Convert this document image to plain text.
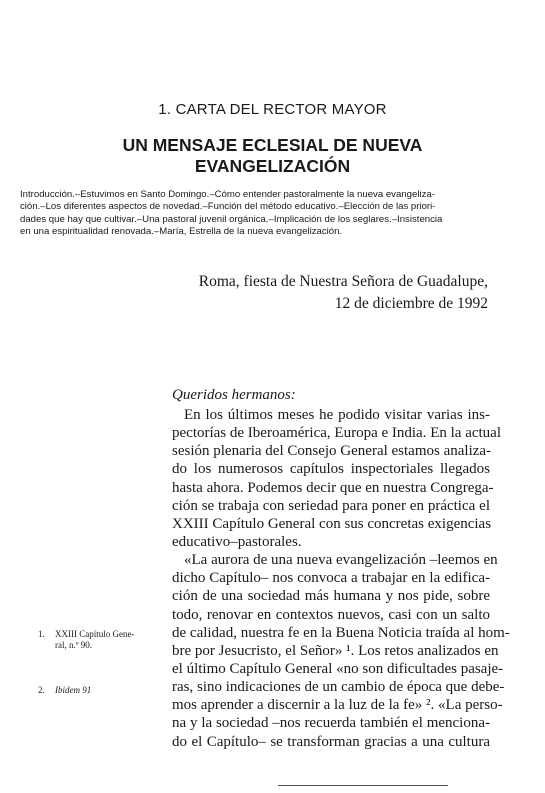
1. CARTA DEL RECTOR MAYOR
UN MENSAJE ECLESIAL DE NUEVA
EVANGELIZACIÓN
Introducción.–Estuvimos en Santo Domingo.–Cómo entender pastoralmente la nueva evangeliza-
ción.–Los diferentes aspectos de novedad.–Función del método educativo.–Elección de las priori-
dades que hay que cultivar.–Una pastoral juvenil orgánica.–Implicación de los seglares.–Insistencia
en una espiritualidad renovada.–María, Estrella de la nueva evangelización.
Roma, fiesta de Nuestra Señora de Guadalupe,
12 de diciembre de 1992
Queridos hermanos:
En los últimos meses he podido visitar varias ins-
pectorías de Iberoamérica, Europa e India. En la actual
sesión plenaria del Consejo General estamos analiza-
do los numerosos capítulos inspectoriales llegados
hasta ahora. Podemos decir que en nuestra Congrega-
ción se trabaja con seriedad para poner en práctica el
XXIII Capítulo General con sus concretas exigencias
educativo–pastorales.
«La aurora de una nueva evangelización –leemos en
dicho Capítulo– nos convoca a trabajar en la edifica-
ción de una sociedad más humana y nos pide, sobre
todo, renovar en contextos nuevos, casi con un salto
de calidad, nuestra fe en la Buena Noticia traída al hom-
bre por Jesucristo, el Señor» ¹. Los retos analizados en
el último Capítulo General «no son dificultades pasaje-
ras, sino indicaciones de un cambio de época que debe-
mos aprender a discernir a la luz de la fe» ². «La perso-
na y la sociedad –nos recuerda también el menciona-
do el Capítulo– se transforman gracias a una cultura
1. XXIII Capítulo Gene-
ral, n.º 90.
2. Ibidem 91
